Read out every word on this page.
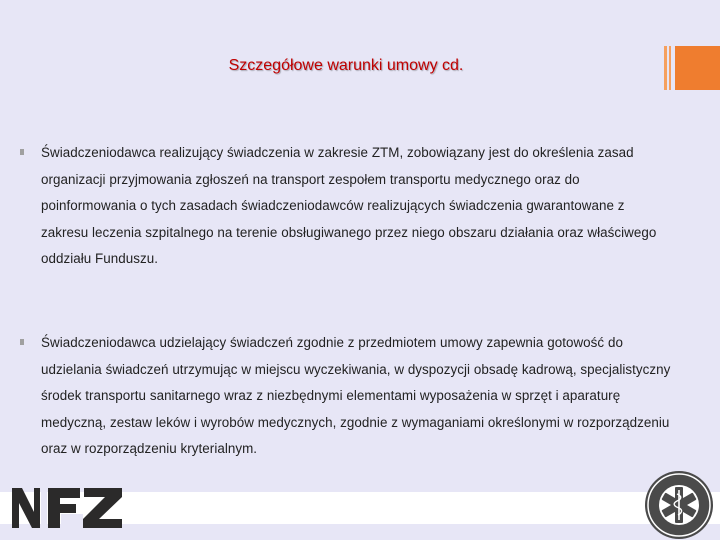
Szczegółowe warunki umowy cd.
Świadczeniodawca realizujący świadczenia w zakresie ZTM, zobowiązany jest do określenia zasad organizacji przyjmowania zgłoszeń na transport zespołem transportu medycznego oraz do poinformowania o tych zasadach świadczeniodawców realizujących świadczenia gwarantowane z zakresu leczenia szpitalnego na terenie obsługiwanego przez niego obszaru działania oraz właściwego oddziału Funduszu.
Świadczeniodawca udzielający świadczeń zgodnie z przedmiotem umowy zapewnia gotowość do udzielania świadczeń utrzymując w miejscu wyczekiwania, w dyspozycji obsadę kadrową, specjalistyczny środek transportu sanitarnego wraz z niezbędnymi elementami wyposażenia w sprzęt i aparaturę medyczną, zestaw leków i wyrobów medycznych, zgodnie z wymaganiami określonymi w rozporządzeniu oraz w rozporządzeniu kryterialnym.
